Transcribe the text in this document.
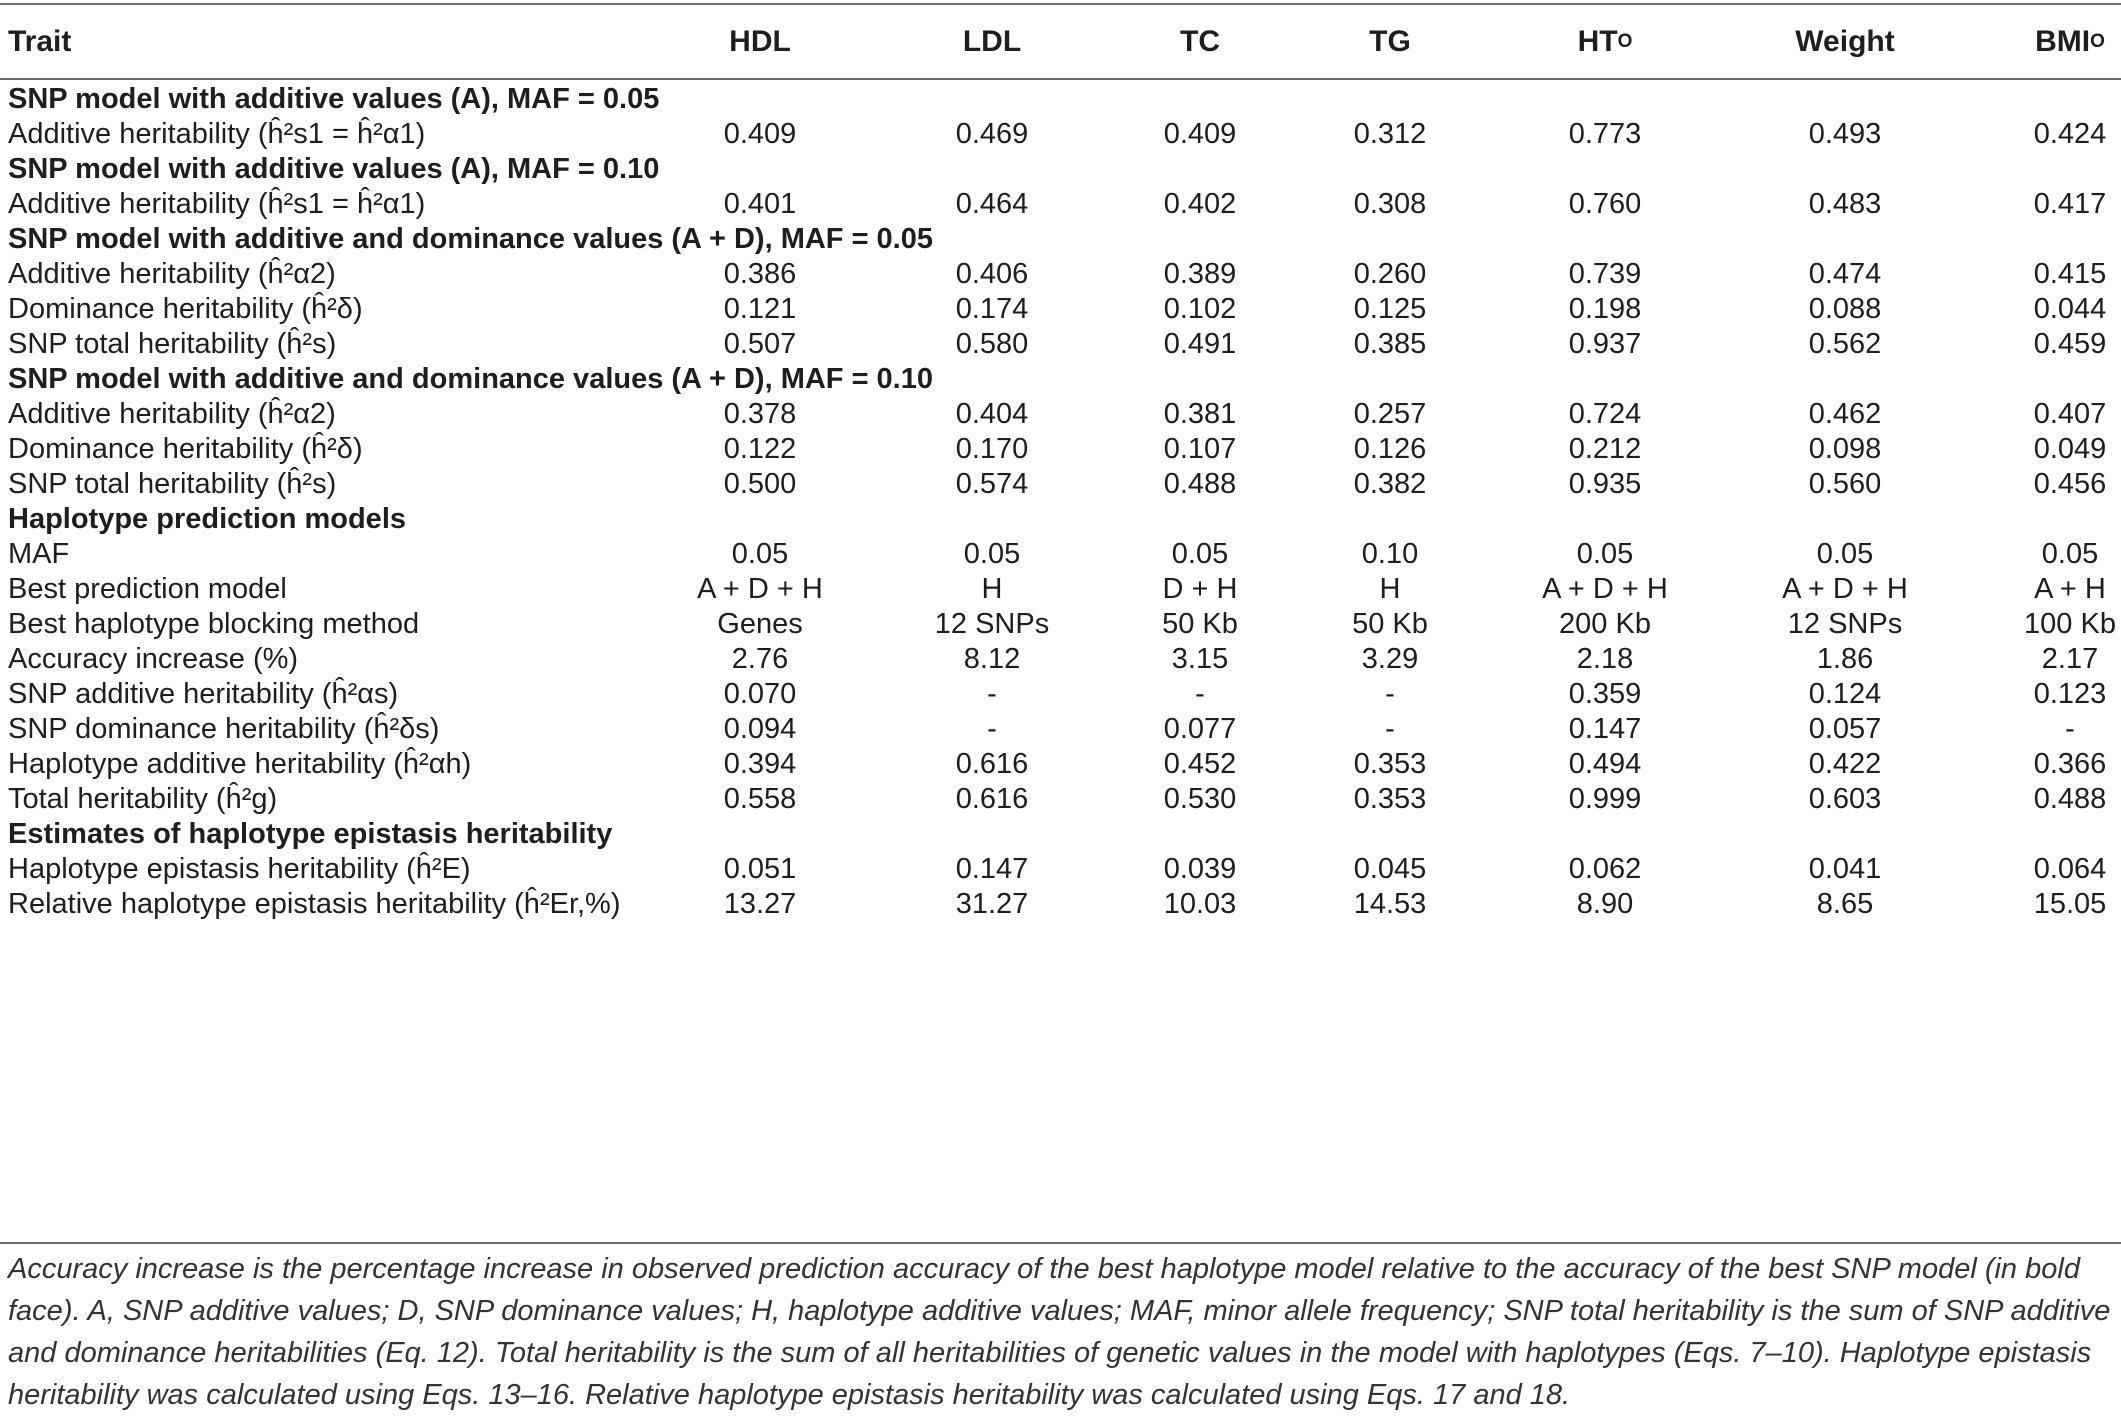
Trait	HDL	LDL	TC	TG	HT O	Weight	BMI O
SNP model with additive values (A), MAF = 0.05
Additive heritability (ĥ²s1 = ĥ²α1)	0.409	0.469	0.409	0.312	0.773	0.493	0.424
SNP model with additive values (A), MAF = 0.10
Additive heritability (ĥ²s1 = ĥ²α1)	0.401	0.464	0.402	0.308	0.760	0.483	0.417
SNP model with additive and dominance values (A + D), MAF = 0.05
Additive heritability (ĥ²α2)	0.386	0.406	0.389	0.260	0.739	0.474	0.415
Dominance heritability (ĥ²δ)	0.121	0.174	0.102	0.125	0.198	0.088	0.044
SNP total heritability (ĥ²s)	0.507	0.580	0.491	0.385	0.937	0.562	0.459
SNP model with additive and dominance values (A + D), MAF = 0.10
Additive heritability (ĥ²α2)	0.378	0.404	0.381	0.257	0.724	0.462	0.407
Dominance heritability (ĥ²δ)	0.122	0.170	0.107	0.126	0.212	0.098	0.049
SNP total heritability (ĥ²s)	0.500	0.574	0.488	0.382	0.935	0.560	0.456
Haplotype prediction models
MAF	0.05	0.05	0.05	0.10	0.05	0.05	0.05
Best prediction model	A + D + H	H	D + H	H	A + D + H	A + D + H	A + H
Best haplotype blocking method	Genes	12 SNPs	50 Kb	50 Kb	200 Kb	12 SNPs	100 Kb
Accuracy increase (%)	2.76	8.12	3.15	3.29	2.18	1.86	2.17
SNP additive heritability (ĥ²αs)	0.070	-	-	-	0.359	0.124	0.123
SNP dominance heritability (ĥ²δs)	0.094	-	0.077	-	0.147	0.057	-
Haplotype additive heritability (ĥ²αh)	0.394	0.616	0.452	0.353	0.494	0.422	0.366
Total heritability (ĥ²g)	0.558	0.616	0.530	0.353	0.999	0.603	0.488
Estimates of haplotype epistasis heritability
Haplotype epistasis heritability (ĥ²E)	0.051	0.147	0.039	0.045	0.062	0.041	0.064
Relative haplotype epistasis heritability (ĥ²Er,%)	13.27	31.27	10.03	14.53	8.90	8.65	15.05
Accuracy increase is the percentage increase in observed prediction accuracy of the best haplotype model relative to the accuracy of the best SNP model (in bold face). A, SNP additive values; D, SNP dominance values; H, haplotype additive values; MAF, minor allele frequency; SNP total heritability is the sum of SNP additive and dominance heritabilities (Eq. 12). Total heritability is the sum of all heritabilities of genetic values in the model with haplotypes (Eqs. 7–10). Haplotype epistasis heritability was calculated using Eqs. 13–16. Relative haplotype epistasis heritability was calculated using Eqs. 17 and 18.
